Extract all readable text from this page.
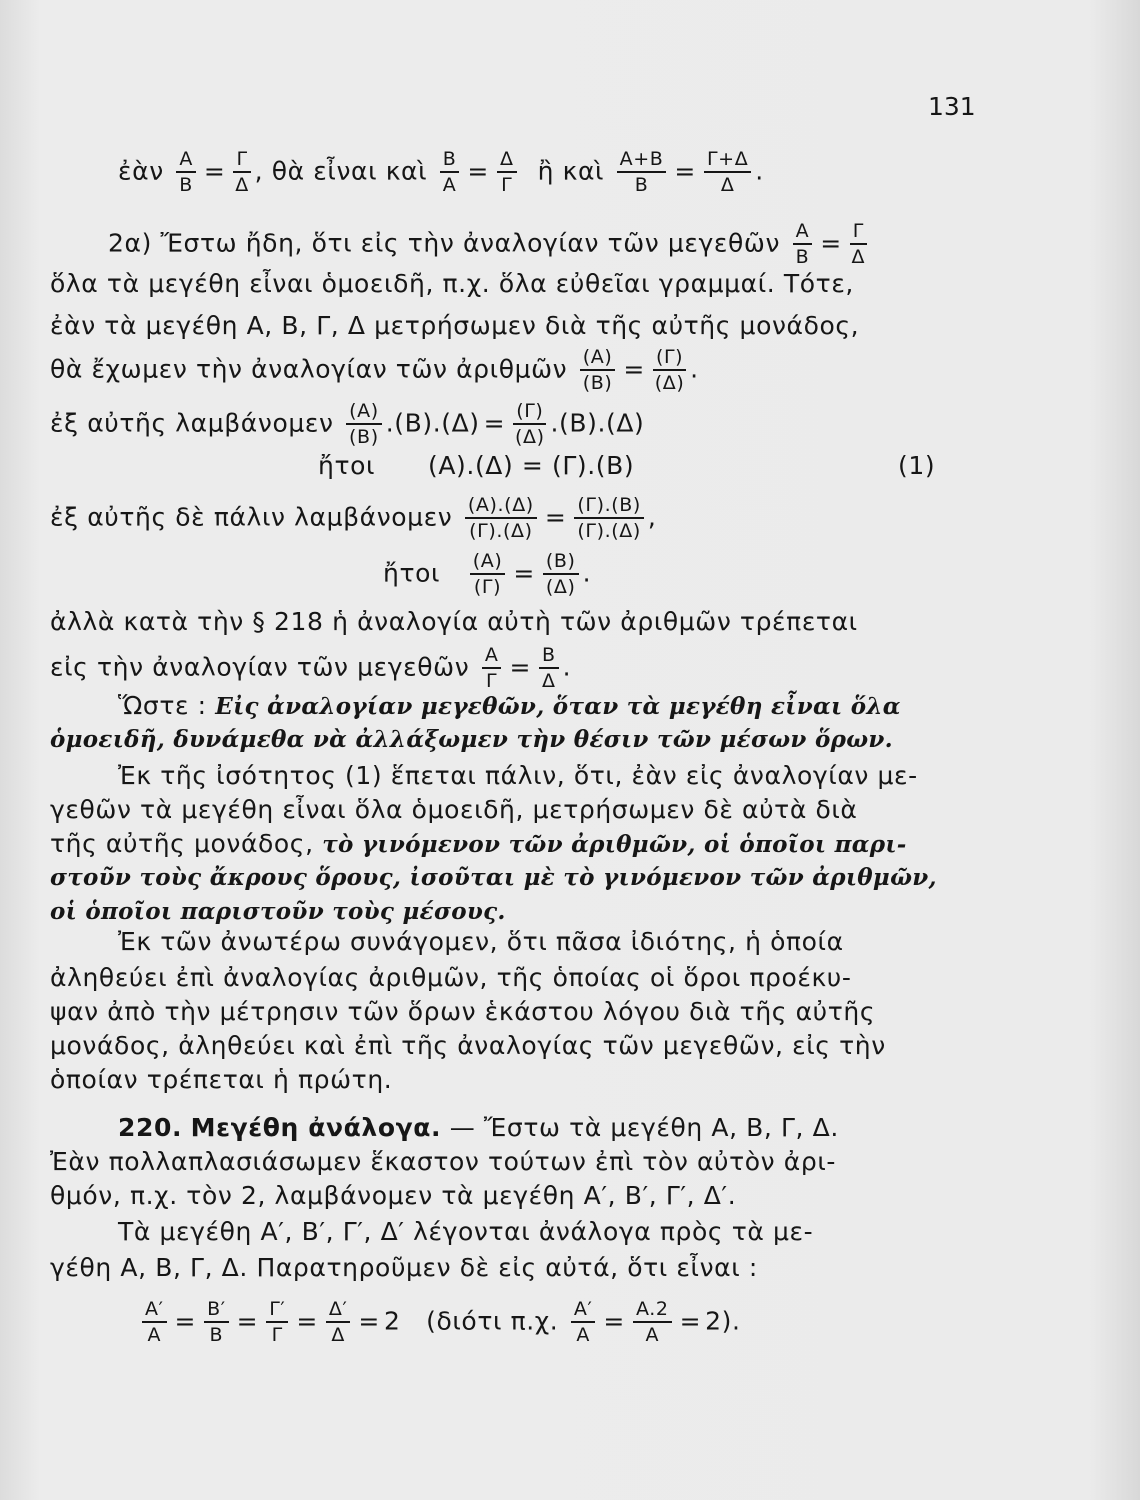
131
ἐὰν $\frac{A}{B} = \frac{\Gamma}{\Delta}$ , θὰ εἶναι καὶ $\frac{B}{A} = \frac{\Delta}{\Gamma}$ ἢ καὶ $\frac{A+B}{B} = \frac{\Gamma+\Delta}{\Delta}$ .
2α) Ἔστω ἤδη, ὅτι εἰς τὴν ἀναλογίαν τῶν μεγεθῶν $\frac{A}{B} = \frac{\Gamma}{\Delta}$
ὅλα τὰ μεγέθη εἶναι ὁμοειδῆ, π.χ. ὅλα εὐθεῖαι γραμμαί. Τότε,
ἐὰν τὰ μεγέθη A, B, Γ, Δ μετρήσωμεν διὰ τῆς αὐτῆς μονάδος,
θὰ ἔχωμεν τὴν ἀναλογίαν τῶν ἀριθμῶν $\frac{(A)}{(B)} = \frac{(\Gamma)}{(\Delta)}$ .
ἐξ αὐτῆς λαμβάνομεν $\frac{(A)}{(B)} .(B).(\Delta) = \frac{(\Gamma)}{(\Delta)} .(B).(\Delta)$
ἤτοι (A).(Δ) = (Γ).(B)	(1)
ἐξ αὐτῆς δὲ πάλιν λαμβάνομεν $\frac{(A).(\Delta)}{(\Gamma).(\Delta)} = \frac{(\Gamma).(B)}{(\Gamma).(\Delta)}$ ,
ἤτοι $\frac{(A)}{(\Gamma)} = \frac{(B)}{(\Delta)}$ .
ἀλλὰ κατὰ τὴν § 218 ἡ ἀναλογία αὐτὴ τῶν ἀριθμῶν τρέπεται
εἰς τὴν ἀναλογίαν τῶν μεγεθῶν $\frac{A}{\Gamma} = \frac{B}{\Delta}$ .
Ὥστε : Εἰς ἀναλογίαν μεγεθῶν, ὅταν τὰ μεγέθη εἶναι ὅλα
ὁμοειδῆ, δυνάμεθα νὰ ἀλλάξωμεν τὴν θέσιν τῶν μέσων ὅρων.
Ἐκ τῆς ἰσότητος (1) ἕπεται πάλιν, ὅτι, ἐὰν εἰς ἀναλογίαν με-
γεθῶν τὰ μεγέθη εἶναι ὅλα ὁμοειδῆ, μετρήσωμεν δὲ αὐτὰ διὰ
τῆς αὐτῆς μονάδος, τὸ γινόμενον τῶν ἀριθμῶν, οἱ ὁποῖοι παρι-
στοῦν τοὺς ἄκρους ὅρους, ἰσοῦται μὲ τὸ γινόμενον τῶν ἀριθμῶν,
οἱ ὁποῖοι παριστοῦν τοὺς μέσους.
Ἐκ τῶν ἀνωτέρω συνάγομεν, ὅτι πᾶσα ἰδιότης, ἡ ὁποία
ἀληθεύει ἐπὶ ἀναλογίας ἀριθμῶν, τῆς ὁποίας οἱ ὅροι προέκυ-
ψαν ἀπὸ τὴν μέτρησιν τῶν ὅρων ἑκάστου λόγου διὰ τῆς αὐτῆς
μονάδος, ἀληθεύει καὶ ἐπὶ τῆς ἀναλογίας τῶν μεγεθῶν, εἰς τὴν
ὁποίαν τρέπεται ἡ πρώτη.
220. Μεγέθη ἀνάλογα. — Ἔστω τὰ μεγέθη A, B, Γ, Δ.
Ἐὰν πολλαπλασιάσωμεν ἕκαστον τούτων ἐπὶ τὸν αὐτὸν ἀρι-
θμόν, π.χ. τὸν 2, λαμβάνομεν τὰ μεγέθη A′, B′, Γ′, Δ′.
Τὰ μεγέθη A′, B′, Γ′, Δ′ λέγονται ἀνάλογα πρὸς τὰ με-
γέθη A, B, Γ, Δ. Παρατηροῦμεν δὲ εἰς αὐτά, ὅτι εἶναι :
$\frac{A'}{A} = \frac{B'}{B} = \frac{\Gamma'}{\Gamma} = \frac{\Delta'}{\Delta} = 2$ (διότι π.χ. $\frac{A'}{A} = \frac{A.2}{A} = 2$).
